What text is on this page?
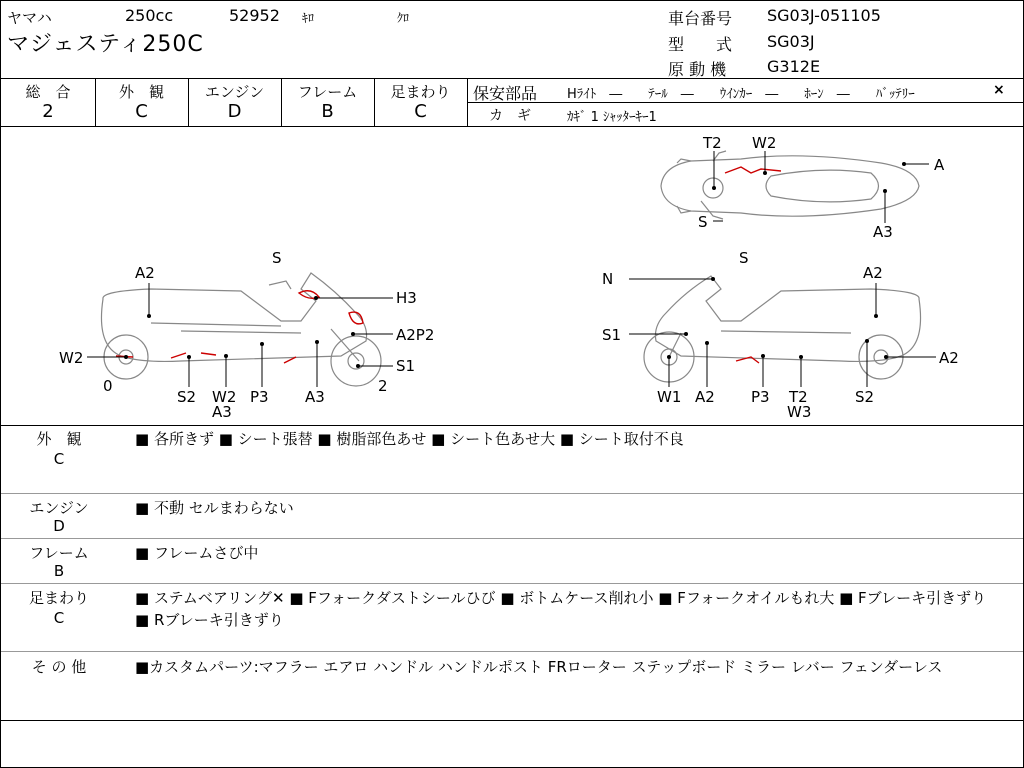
ヤマハ	250cc	52952 ｷﾛ	ｸﾛ
マジェスティ250C
車台番号 SG03J-051105
型　　式 SG03J
原 動 機	G312E
総　合
2
外　観
C
エンジン
D
フレーム
B
足まわり
C
保安部品 Hﾗｲﾄ　―　　ﾃｰﾙ　―　　ｳｲﾝｶｰ　―　　ﾎｰﾝ　―　　ﾊﾞｯﾃﾘｰ	×
カ　ギ	ｶｷﾞ 1 ｼｬｯﾀｰｷｰ1
T2 W2
A
S
A3
A2
S
H3
A2P2
W2	S1
0	2
S2 W2
A3
P3 A3
N
S
A2
S1
A2
W1 A2 P3 T2
W3
S2
外　観
C
■ 各所きず ■ シート張替 ■ 樹脂部色あせ ■ シート色あせ大 ■ シート取付不良
エンジン
D
■ 不動 セルまわらない
フレーム
B
■ フレームさび中
足まわり
C
■ ステムベアリング✕ ■ Fフォークダストシールひび ■ ボトムケース削れ小 ■ Fフォークオイルもれ大 ■ Fブレーキ引きずり ■ Rブレーキ引きずり
そ の 他	■カスタムパーツ:マフラー エアロ ハンドル ハンドルポスト FRローター ステップボード ミラー レバー フェンダーレス
